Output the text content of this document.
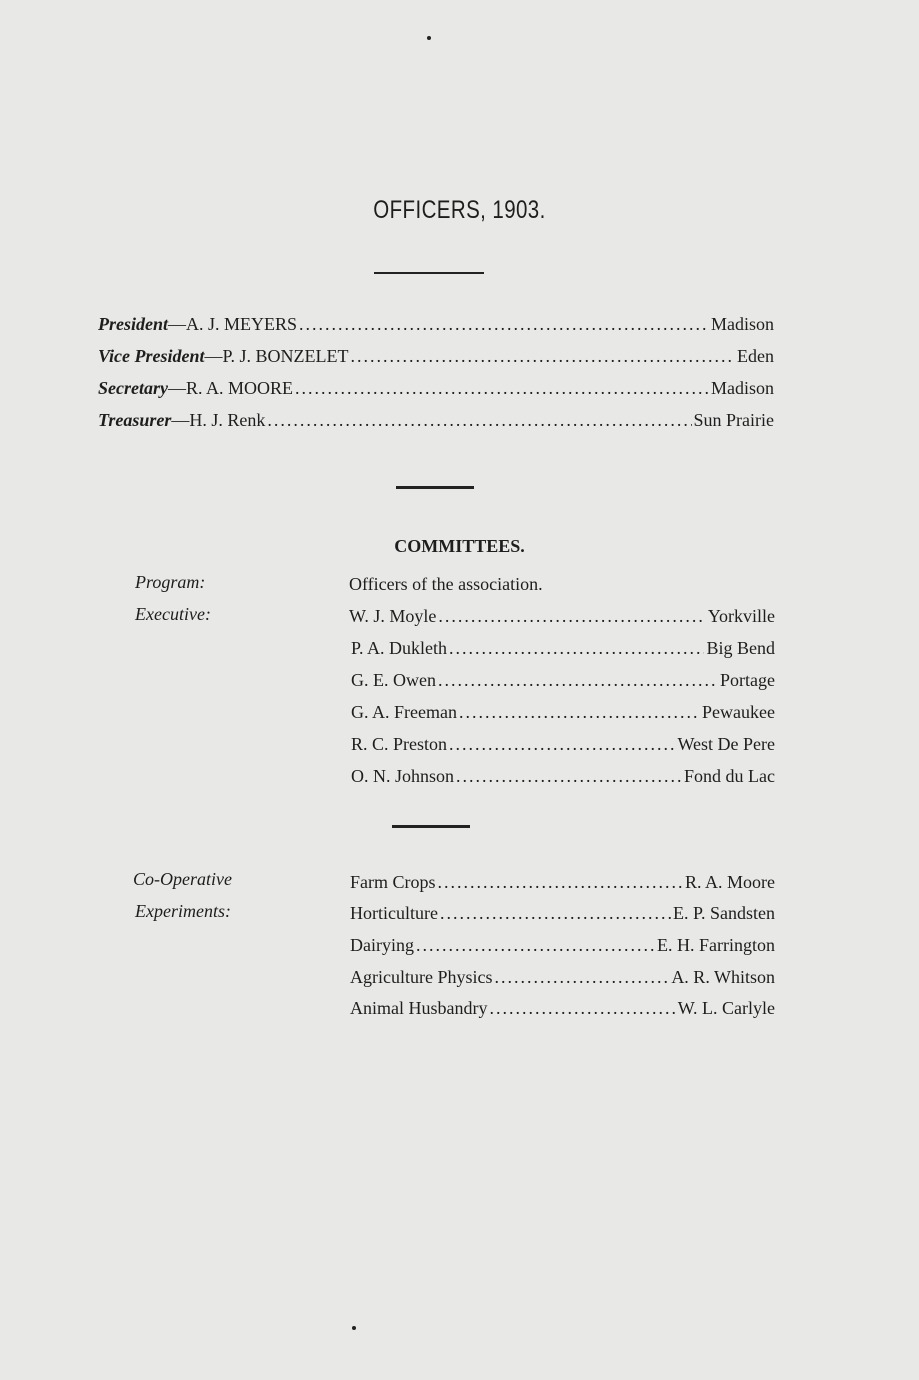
OFFICERS, 1903.
President — A. J. MEYERS .....	Madison
Vice President — P. J. BONZELET .....	Eden
Secretary — R. A. MOORE .....	Madison
Treasurer — H. J. Renk .....	Sun Prairie
COMMITTEES.
Program:	Officers of the association.
Executive:	W. J. Moyle .....	Yorkville
P. A. Dukleth .....	Big Bend
G. E. Owen .....	Portage
G. A. Freeman .....	Pewaukee
R. C. Preston .....	West De Pere
O. N. Johnson .....	Fond du Lac
Co-Operative
Experiments:
Farm Crops .....	R. A. Moore
Horticulture .....	E. P. Sandsten
Dairying .....	E. H. Farrington
Agriculture Physics .....	A. R. Whitson
Animal Husbandry .....	W. L. Carlyle
